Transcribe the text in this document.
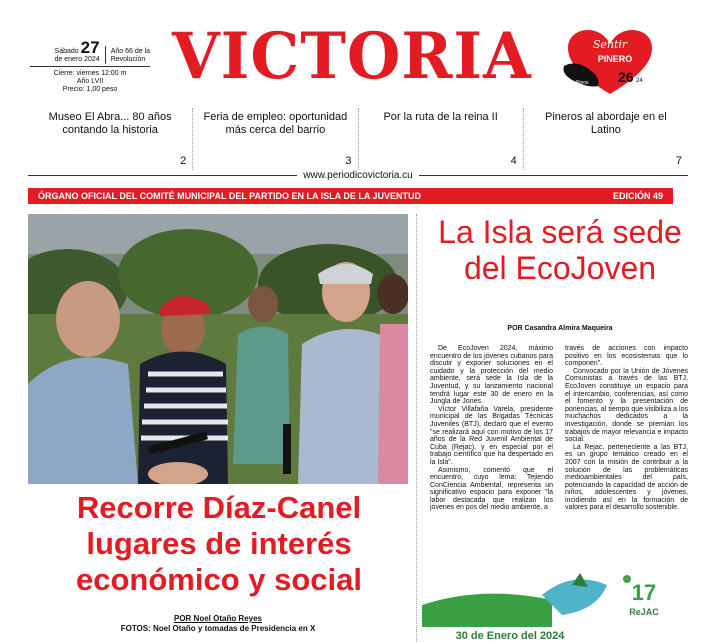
Sábado 27
de enero 2024
Año 66 de la
Revolución
Cierre: viernes 12:00 m
Año LVII
Precio: 1,00 peso VICTORIA	Sentir
PINERO
Pinos 26 24
Museo El Abra... 80 años contando la historia
2
Feria de empleo: oportunidad más cerca del barrio
3
Por la ruta de la reina II
4
Pineros al abordaje en el Latino
7
www.periodicovictoria.cu
ÓRGANO OFICIAL DEL COMITÉ MUNICIPAL DEL PARTIDO EN LA ISLA DE LA JUVENTUD	EDICIÓN 49
Recorre Díaz-Canel lugares de interés económico y social
POR Noel Otaño Reyes
FOTOS: Noel Otaño y tomadas de Presidencia en X
La Isla será sede del EcoJoven
POR Casandra Almira Maqueira

De EcoJoven 2024, máximo encuentro de los jóvenes cubanos para discutir y exponer soluciones en el cuidado y la protección del medio ambiente, será sede la Isla de la Juventud, y su lanzamiento nacional tendrá lugar este 30 de enero en la Jungla de Jones.

Víctor Villafaña Varela, presidente municipal de las Brigadas Técnicas Juveniles (BTJ), declaró que el evento "se realizará aquí con motivo de los 17 años de la Red Juvenil Ambiental de Cuba (Rejac), y en especial por el trabajo científico que ha despertado en la Isla".

Asimismo, comentó que el encuentro, cuyo lema: Tejiendo ConCiencia Ambiental, representa un significativo espacio para exponer "la labor destacada que realizan los jóvenes en pos del medio ambiente, a

través de acciones con impacto positivo en los ecosistemas que lo componen".

Convocado por la Unión de Jóvenes Comunistas a través de las BTJ, EcoJoven constituye un espacio para el intercambio, conferencias, así como el fomento y la presentación de ponencias, al tiempo que visibiliza a los muchachos dedicados a la investigación, donde se premian los trabajos de mayor relevancia e impacto social.

La Rejac, perteneciente a las BTJ, es un grupo temático creado en el 2007 con la misión de contribuir a la solución de las problemáticas medioambientales del país, potenciando la capacidad de acción de niños, adolescentes y jóvenes, incidiendo así en la formación de valores para el desarrollo sostenible.

17
ReJAC
30 de Enero del 2024
